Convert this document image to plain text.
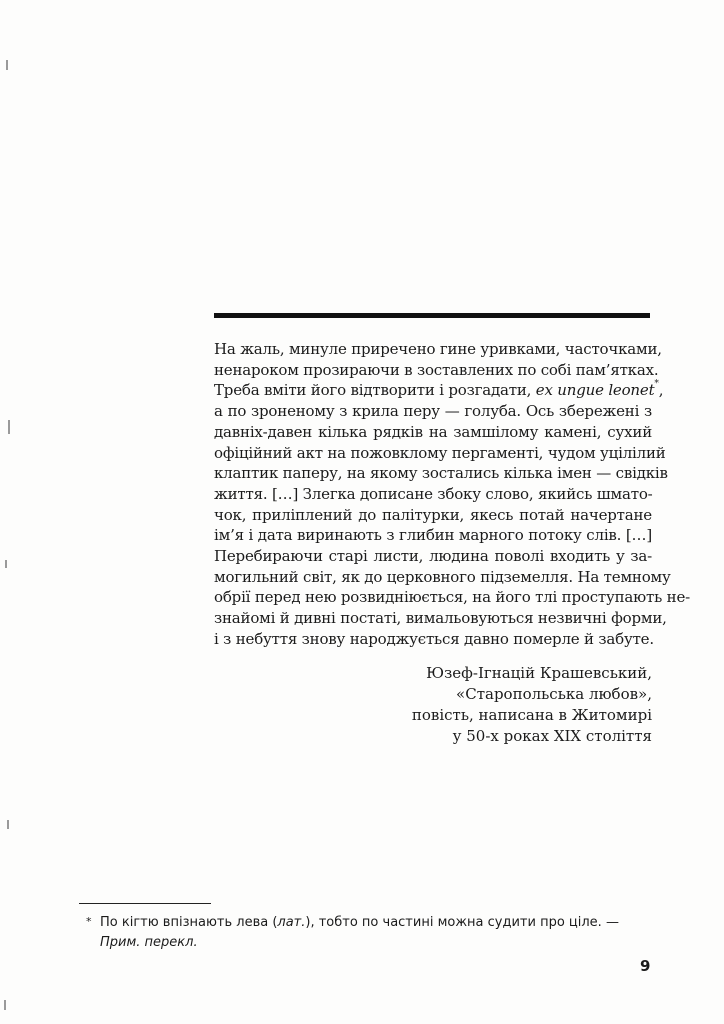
На жаль, минуле приречено гине уривками, часточками,
ненароком прозираючи в зоставлених по собі пам’ятках.
Треба вміти його відтворити і розгадати, ex ungue leonet*,
а по зроненому з крила перу — голуба. Ось збережені з
давніх-давен кілька рядків на замшілому камені, сухий
офіційний акт на пожовклому пергаменті, чудом уцілілий
клаптик паперу, на якому зостались кілька імен — свідків
життя. […] Злегка дописане збоку слово, якийсь шмато-
чок, приліплений до палітурки, якесь потай начертане
ім’я і дата виринають з глибин марного потоку слів. […]
Перебираючи старі листи, людина поволі входить у за-
могильний світ, як до церковного підземелля. На темному
обрії перед нею розвидніюється, на його тлі проступають не-
знайомі й дивні постаті, вимальовуються незвичні форми,
і з небуття знову народжується давно померле й забуте.
Юзеф-Ігнацій Крашевський,
«Старопольська любов»,
повість, написана в Житомирі
у 50-х роках XIX століття
* По кігтю впізнають лева (лат.), тобто по частині можна судити про ціле. —
Прим. перекл.
9
